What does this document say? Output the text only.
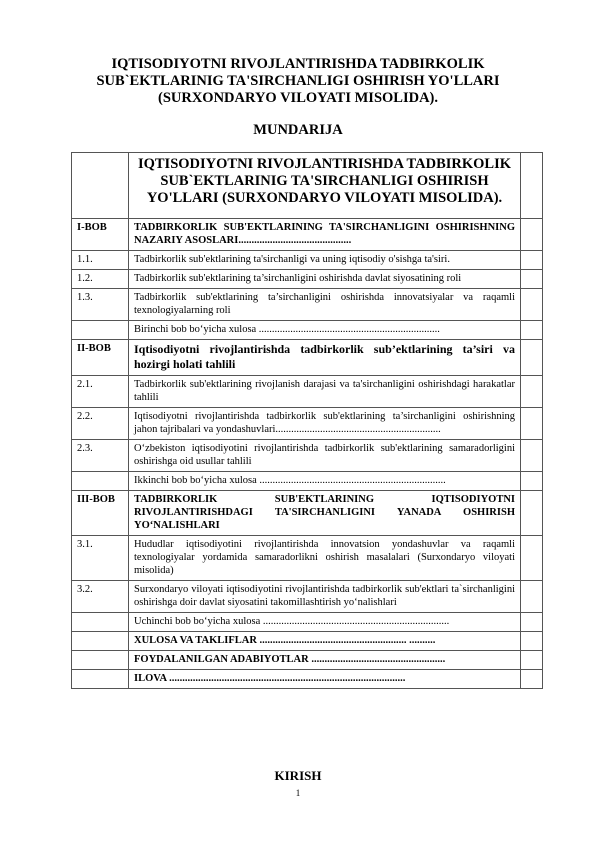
IQTISODIYOTNI RIVOJLANTIRISHDA TADBIRKOLIK
SUB`EKTLARINIG TA'SIRCHANLIGI OSHIRISH YO'LLARI
(SURXONDARYO VILOYATI MISOLIDA).
MUNDARIJA

	IQTISODIYOTNI RIVOJLANTIRISHDA TADBIRKOLIK
SUB`EKTLARINIG TA'SIRCHANLIGI OSHIRISH
YO'LLARI (SURXONDARYO VILOYATI MISOLIDA).	

I-BOB	TADBIRKORLIK SUB'EKTLARINING TA'SIRCHANLIGINI OSHIRISHNING NAZARIY ASOSLARI...........................................	
1.1.	Tadbirkorlik sub'ektlarining ta'sirchanligi va uning iqtisodiy o'sishga ta'siri.	
1.2.	Tadbirkorlik sub'ektlarining ta’sirchanligini oshirishda davlat siyosatining roli	
1.3.	Tadbirkorlik sub'ektlarining ta’sirchanligini oshirishda innovatsiyalar va raqamli texnologiyalarning roli	
	Birinchi bob bo‘yicha xulosa .....................................................................	
II-BOB	Iqtisodiyotni rivojlantirishda tadbirkorlik sub’ektlarining ta’siri va hozirgi holati tahlili	
2.1.	Tadbirkorlik sub'ektlarining rivojlanish darajasi va ta'sirchanligini oshirishdagi harakatlar tahlili	
2.2.	Iqtisodiyotni rivojlantirishda tadbirkorlik sub'ektlarining ta’sirchanligini oshirishning jahon tajribalari va yondashuvlari...............................................................	
2.3.	O‘zbekiston iqtisodiyotini rivojlantirishda tadbirkorlik sub'ektlarining samaradorligini oshirishga oid usullar tahlili	
	Ikkinchi bob bo‘yicha xulosa .......................................................................	
III-BOB	TADBIRKORLIK SUB'EKTLARINING IQTISODIYOTNI RIVOJLANTIRISHDAGI TA'SIRCHANLIGINI YANADA OSHIRISH YO‘NALISHLARI	
3.1.	Hududlar iqtisodiyotini rivojlantirishda innovatsion yondashuvlar va raqamli texnologiyalar yordamida samaradorlikni oshirish masalalari (Surxondaryo viloyati misolida)	
3.2.	Surxondaryo viloyati iqtisodiyotini rivojlantirishda tadbirkorlik sub'ektlari ta`sirchanligini oshirishga doir davlat siyosatini takomillashtirish yo‘nalishlari	
	Uchinchi bob bo‘yicha xulosa .......................................................................	
	XULOSA VA TAKLIFLAR ........................................................ ..........	
	FOYDALANILGAN ADABIYOTLAR ...................................................	
	ILOVA ..........................................................................................	
KIRISH
1
